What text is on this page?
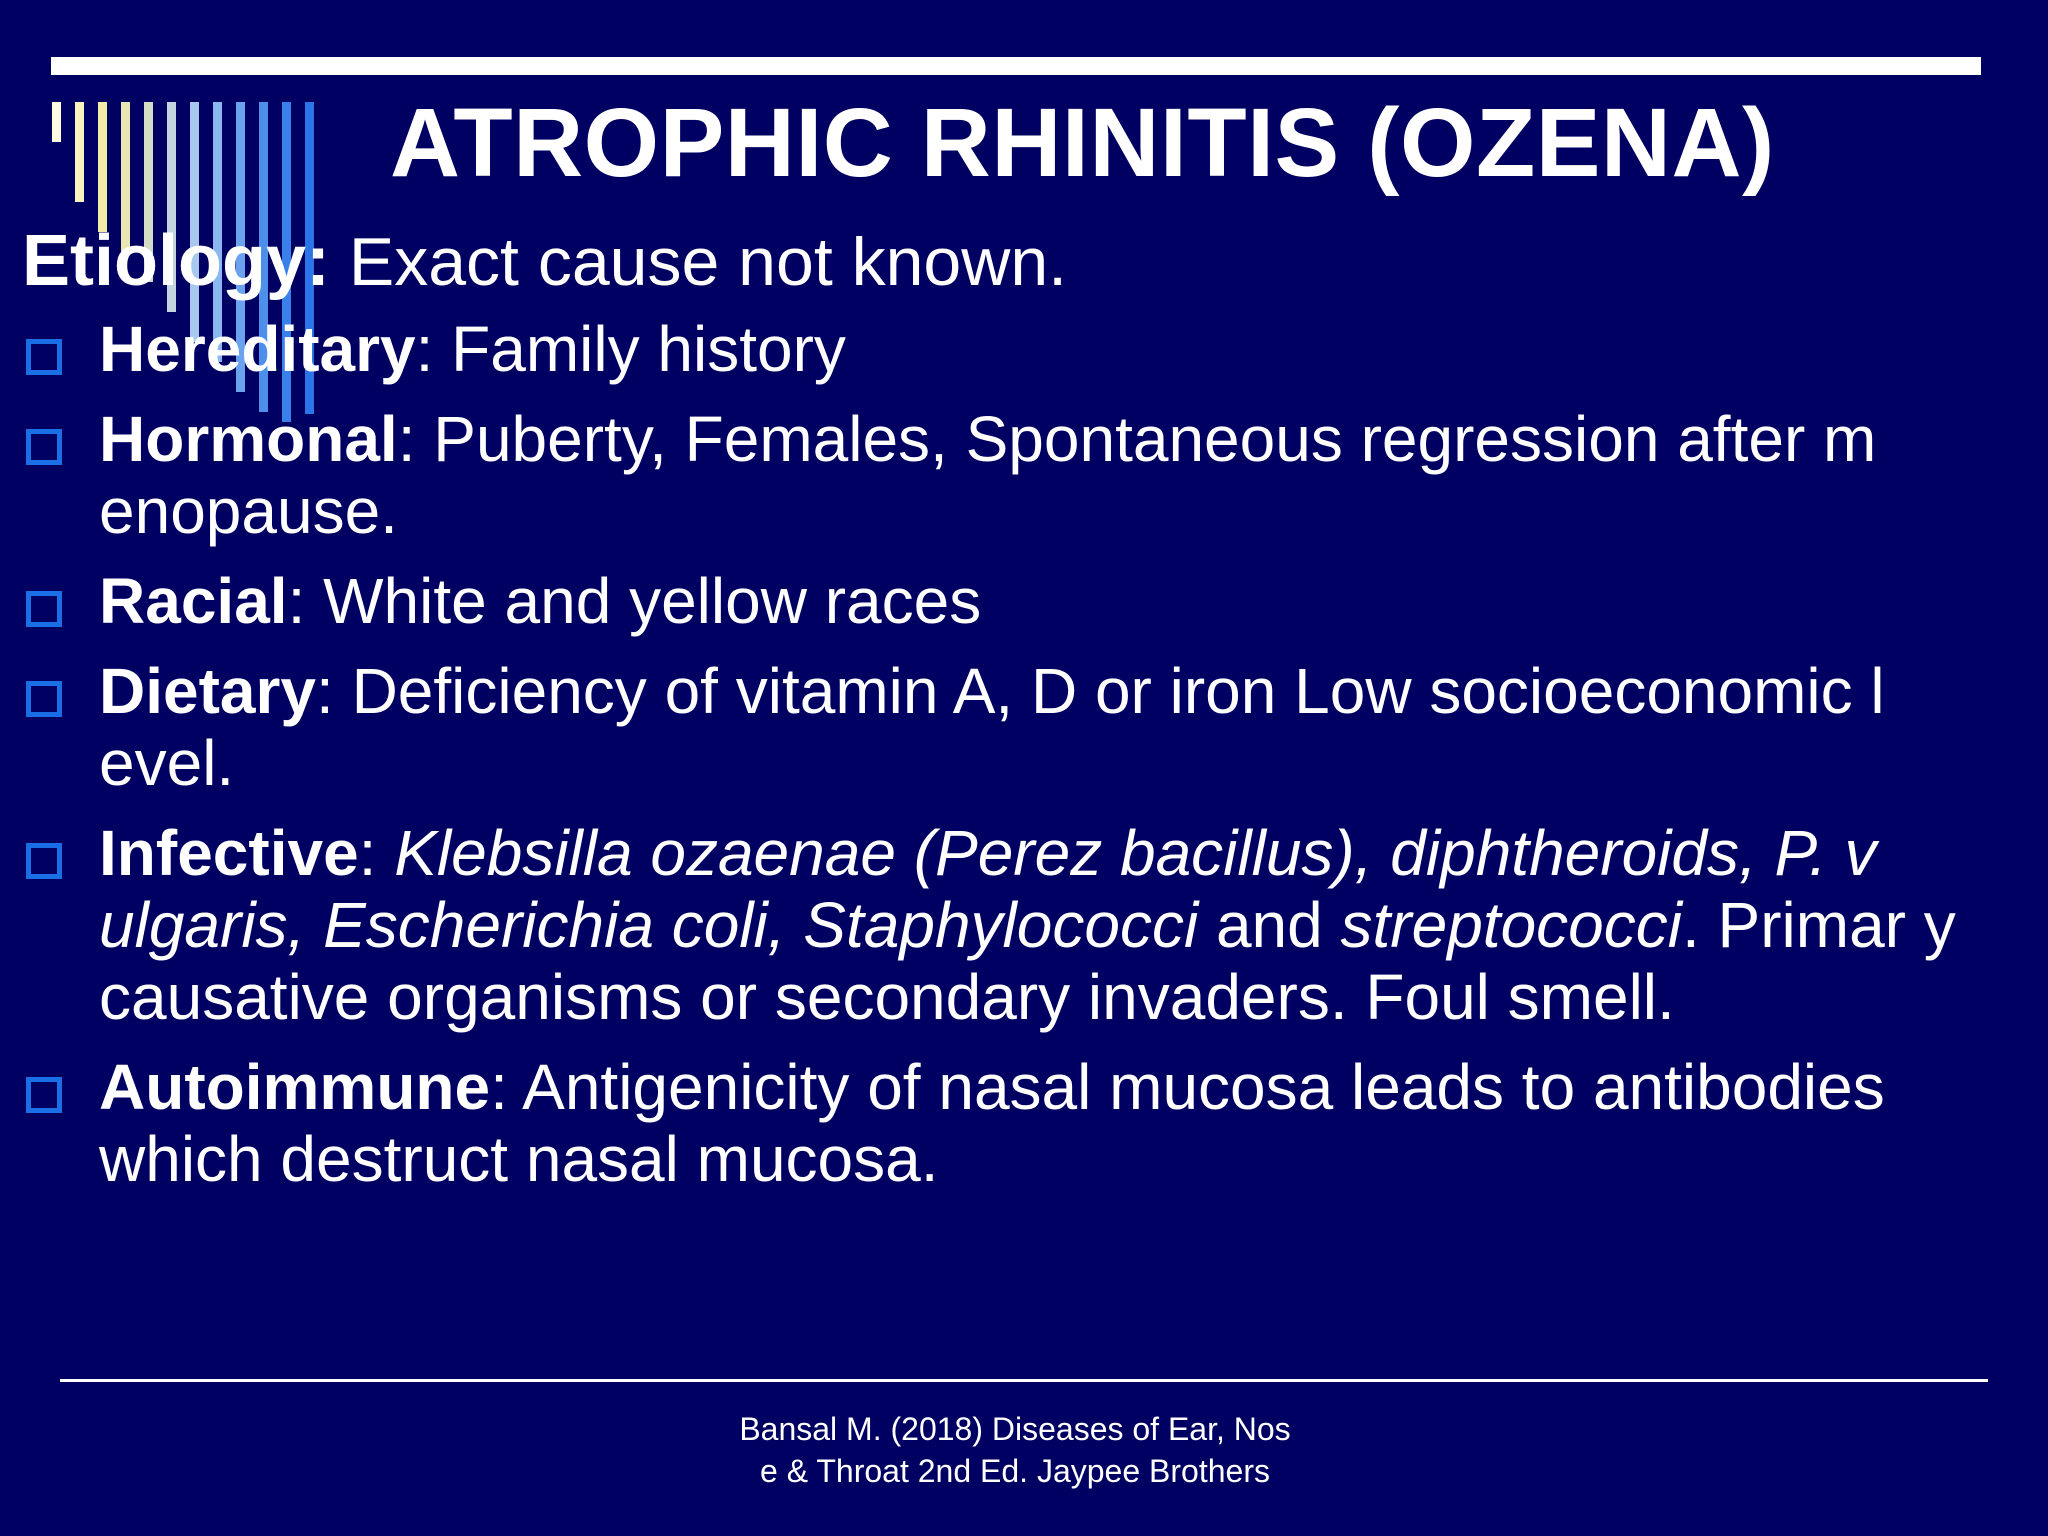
ATROPHIC RHINITIS (OZENA)
Etiology: Exact cause not known.
Hereditary: Family history
Hormonal: Puberty, Females, Spontaneous regression after m enopause.
Racial: White and yellow races
Dietary: Deficiency of vitamin A, D or iron Low socioeconomic l evel.
Infective: Klebsilla ozaenae (Perez bacillus), diphtheroids, P. v ulgaris, Escherichia coli, Staphylococci and streptococci. Primar y causative organisms or secondary invaders. Foul smell.
Autoimmune: Antigenicity of nasal mucosa leads to antibodies which destruct nasal mucosa.
Bansal M. (2018) Diseases of Ear, Nos
e & Throat 2nd Ed. Jaypee Brothers
